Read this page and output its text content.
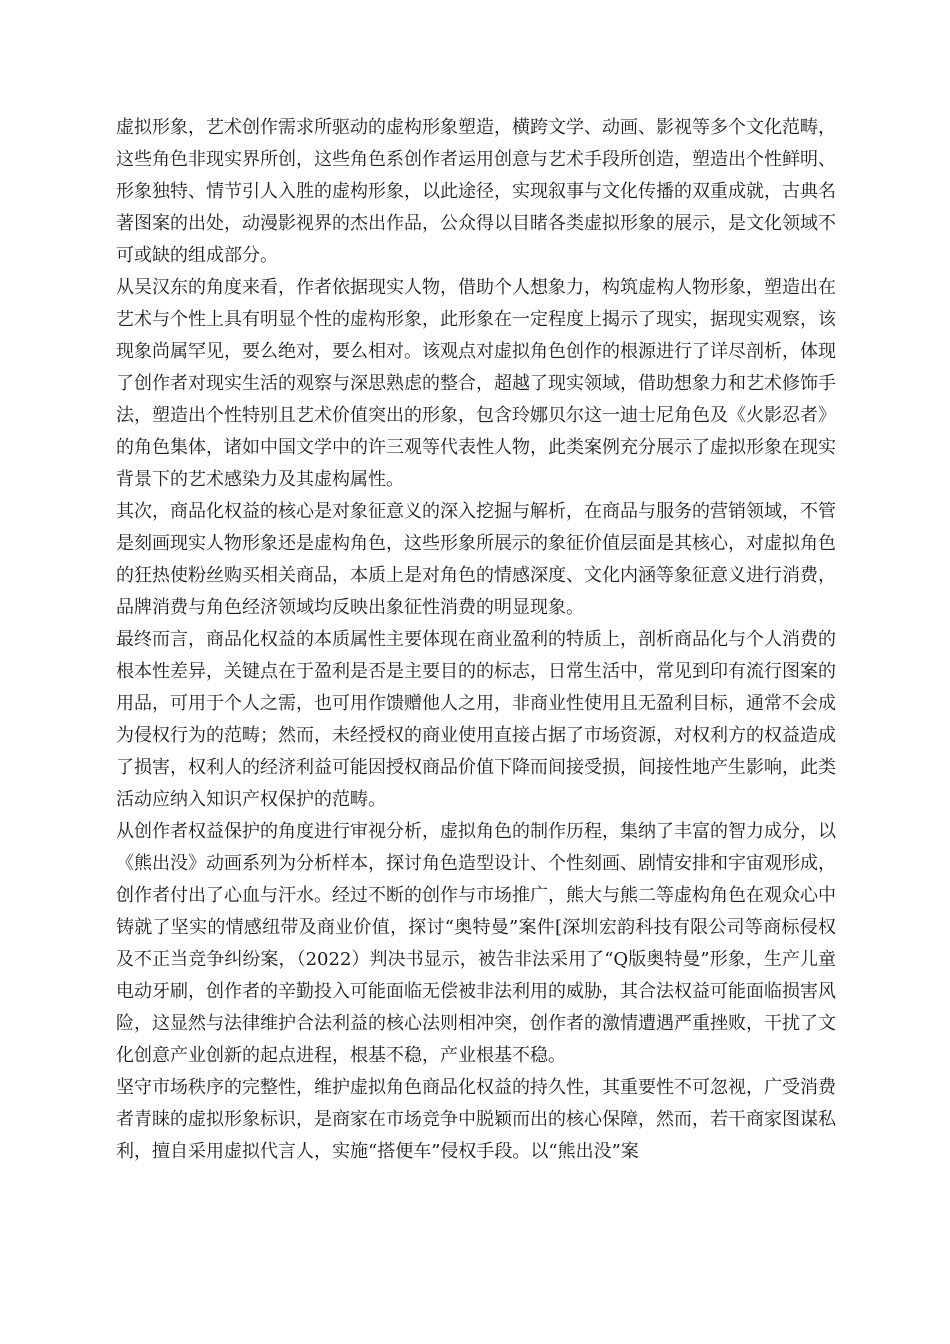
虚拟形象，艺术创作需求所驱动的虚构形象塑造，横跨文学、动画、影视等多个文化范畴，这些角色非现实界所创，这些角色系创作者运用创意与艺术手段所创造，塑造出个性鲜明、形象独特、情节引人入胜的虚构形象，以此途径，实现叙事与文化传播的双重成就，古典名著图案的出处，动漫影视界的杰出作品，公众得以目睹各类虚拟形象的展示，是文化领域不可或缺的组成部分。

从吴汉东的角度来看，作者依据现实人物，借助个人想象力，构筑虚构人物形象，塑造出在艺术与个性上具有明显个性的虚构形象，此形象在一定程度上揭示了现实，据现实观察，该现象尚属罕见，要么绝对，要么相对。该观点对虚拟角色创作的根源进行了详尽剖析，体现了创作者对现实生活的观察与深思熟虑的整合，超越了现实领域，借助想象力和艺术修饰手法，塑造出个性特别且艺术价值突出的形象，包含玲娜贝尔这一迪士尼角色及《火影忍者》的角色集体，诸如中国文学中的许三观等代表性人物，此类案例充分展示了虚拟形象在现实背景下的艺术感染力及其虚构属性。

其次，商品化权益的核心是对象征意义的深入挖掘与解析，在商品与服务的营销领域，不管是刻画现实人物形象还是虚构角色，这些形象所展示的象征价值层面是其核心，对虚拟角色的狂热使粉丝购买相关商品，本质上是对角色的情感深度、文化内涵等象征意义进行消费，品牌消费与角色经济领域均反映出象征性消费的明显现象。

最终而言，商品化权益的本质属性主要体现在商业盈利的特质上，剖析商品化与个人消费的根本性差异，关键点在于盈利是否是主要目的的标志，日常生活中，常见到印有流行图案的用品，可用于个人之需，也可用作馈赠他人之用，非商业性使用且无盈利目标，通常不会成为侵权行为的范畴；然而，未经授权的商业使用直接占据了市场资源，对权利方的权益造成了损害，权利人的经济利益可能因授权商品价值下降而间接受损，间接性地产生影响，此类活动应纳入知识产权保护的范畴。

从创作者权益保护的角度进行审视分析，虚拟角色的制作历程，集纳了丰富的智力成分，以《熊出没》动画系列为分析样本，探讨角色造型设计、个性刻画、剧情安排和宇宙观形成，创作者付出了心血与汗水。经过不断的创作与市场推广，熊大与熊二等虚构角色在观众心中铸就了坚实的情感纽带及商业价值，探讨“奥特曼”案件[深圳宏韵科技有限公司等商标侵权及不正当竞争纠纷案，（2022）判决书显示，被告非法采用了“Q版奥特曼”形象，生产儿童电动牙刷，创作者的辛勤投入可能面临无偿被非法利用的威胁，其合法权益可能面临损害风险，这显然与法律维护合法利益的核心法则相冲突，创作者的激情遭遇严重挫败，干扰了文化创意产业创新的起点进程，根基不稳，产业根基不稳。

坚守市场秩序的完整性，维护虚拟角色商品化权益的持久性，其重要性不可忽视，广受消费者青睐的虚拟形象标识，是商家在市场竞争中脱颖而出的核心保障，然而，若干商家图谋私利，擅自采用虚拟代言人，实施“搭便车”侵权手段。以“熊出没”案
